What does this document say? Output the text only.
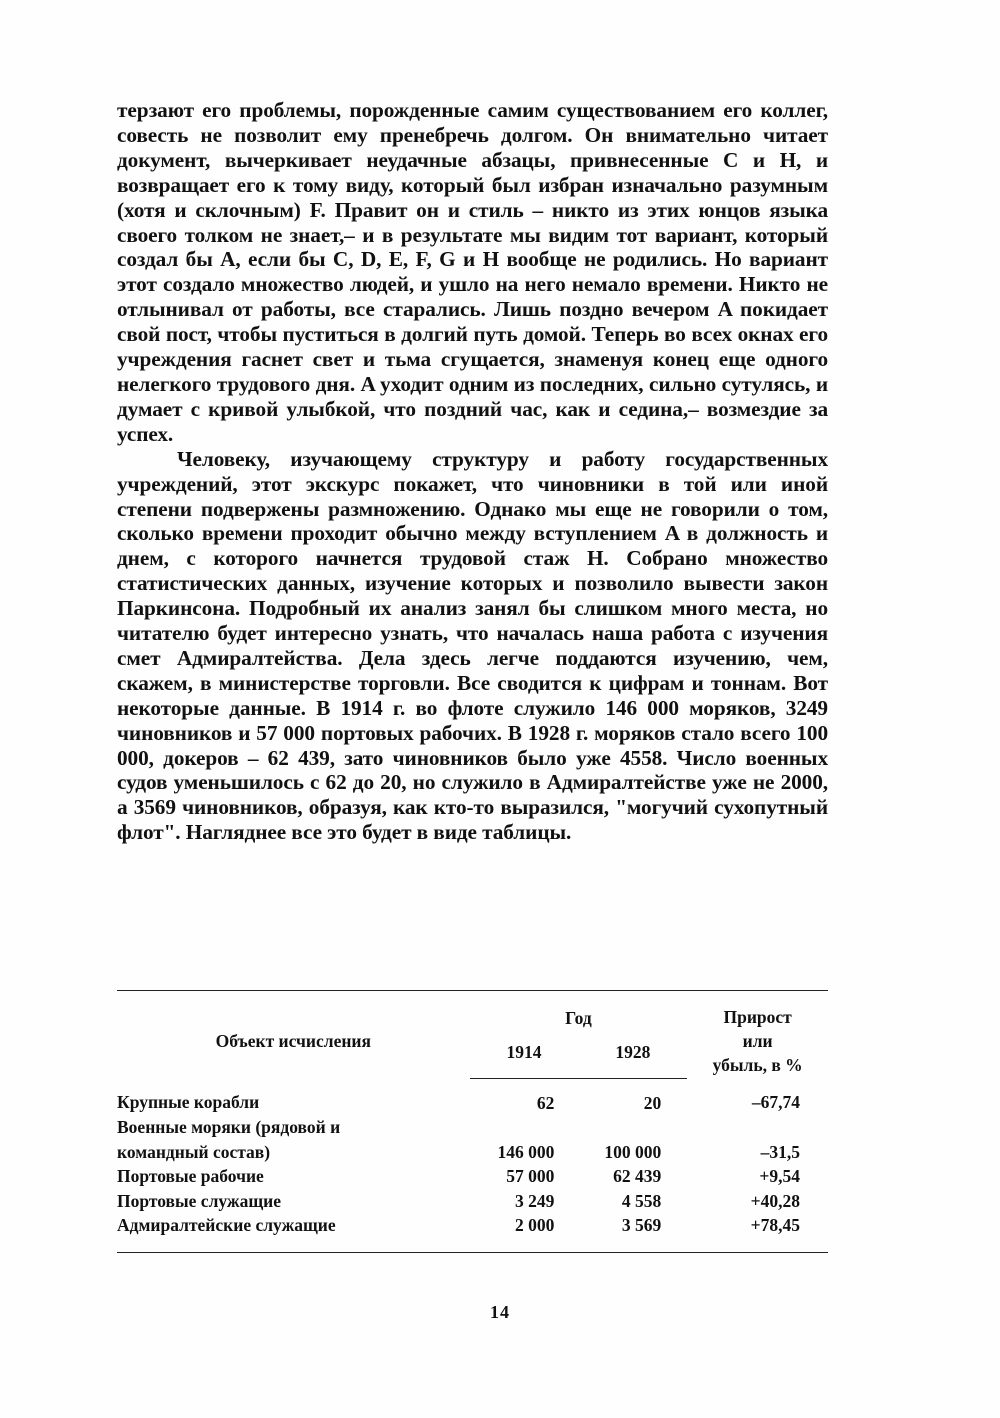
терзают его проблемы, порожденные самим существованием его коллег, совесть не позволит ему пренебречь долгом. Он внимательно читает документ, вычеркивает неудачные абзацы, привнесенные C и H, и возвращает его к тому виду, который был избран изначально разумным (хотя и склочным) F. Правит он и стиль – никто из этих юнцов языка своего толком не знает,– и в результате мы видим тот вариант, который создал бы A, если бы C, D, E, F, G и H вообще не родились. Но вариант этот создало множество людей, и ушло на него немало времени. Никто не отлынивал от работы, все старались. Лишь поздно вечером A покидает свой пост, чтобы пуститься в долгий путь домой. Теперь во всех окнах его учреждения гаснет свет и тьма сгущается, знаменуя конец еще одного нелегкого трудового дня. A уходит одним из последних, сильно сутулясь, и думает с кривой улыбкой, что поздний час, как и седина,– возмездие за успех.

Человеку, изучающему структуру и работу государственных учреждений, этот экскурс покажет, что чиновники в той или иной степени подвержены размножению. Однако мы еще не говорили о том, сколько времени проходит обычно между вступлением A в должность и днем, с которого начнется трудовой стаж H. Собрано множество статистических данных, изучение которых и позволило вывести закон Паркинсона. Подробный их анализ занял бы слишком много места, но читателю будет интересно узнать, что началась наша работа с изучения смет Адмиралтейства. Дела здесь легче поддаются изучению, чем, скажем, в министерстве торговли. Все сводится к цифрам и тоннам. Вот некоторые данные. В 1914 г. во флоте служило 146 000 моряков, 3249 чиновников и 57 000 портовых рабочих. В 1928 г. моряков стало всего 100 000, докеров – 62 439, зато чиновников было уже 4558. Число военных судов уменьшилось с 62 до 20, но служило в Адмиралтействе уже не 2000, а 3569 чиновников, образуя, как кто-то выразился, "могучий сухопутный флот". Нагляднее все это будет в виде таблицы.

Объект исчисления	Год		Прирост
или
убыль, в %

	1914	1928	
Крупные корабли	62	20	–67,74
Военные моряки (рядовой и			
командный состав)	146 000	100 000	–31,5
Портовые рабочие	57 000	62 439	+9,54
Портовые служащие	3 249	4 558	+40,28
Адмиралтейские служащие	2 000	3 569	+78,45
14
